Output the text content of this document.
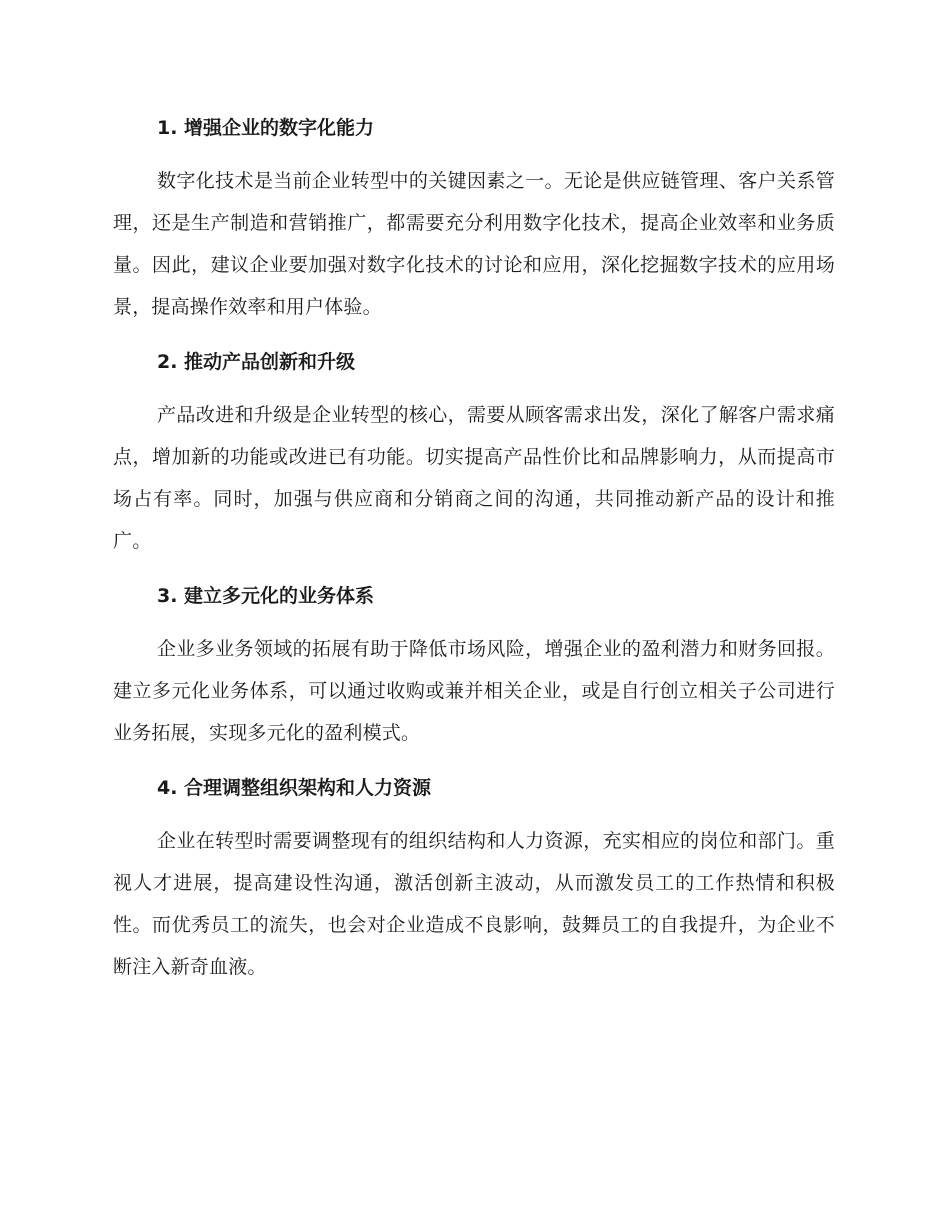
1. 增强企业的数字化能力

数字化技术是当前企业转型中的关键因素之一。无论是供应链管理、客户关系管理，还是生产制造和营销推广，都需要充分利用数字化技术，提高企业效率和业务质量。因此，建议企业要加强对数字化技术的讨论和应用，深化挖掘数字技术的应用场景，提高操作效率和用户体验。

2. 推动产品创新和升级

产品改进和升级是企业转型的核心，需要从顾客需求出发，深化了解客户需求痛点，增加新的功能或改进已有功能。切实提高产品性价比和品牌影响力，从而提高市场占有率。同时，加强与供应商和分销商之间的沟通，共同推动新产品的设计和推广。

3. 建立多元化的业务体系

企业多业务领域的拓展有助于降低市场风险，增强企业的盈利潜力和财务回报。建立多元化业务体系，可以通过收购或兼并相关企业，或是自行创立相关子公司进行业务拓展，实现多元化的盈利模式。

4. 合理调整组织架构和人力资源

企业在转型时需要调整现有的组织结构和人力资源，充实相应的岗位和部门。重视人才进展，提高建设性沟通，激活创新主波动，从而激发员工的工作热情和积极性。而优秀员工的流失，也会对企业造成不良影响，鼓舞员工的自我提升，为企业不断注入新奇血液。
